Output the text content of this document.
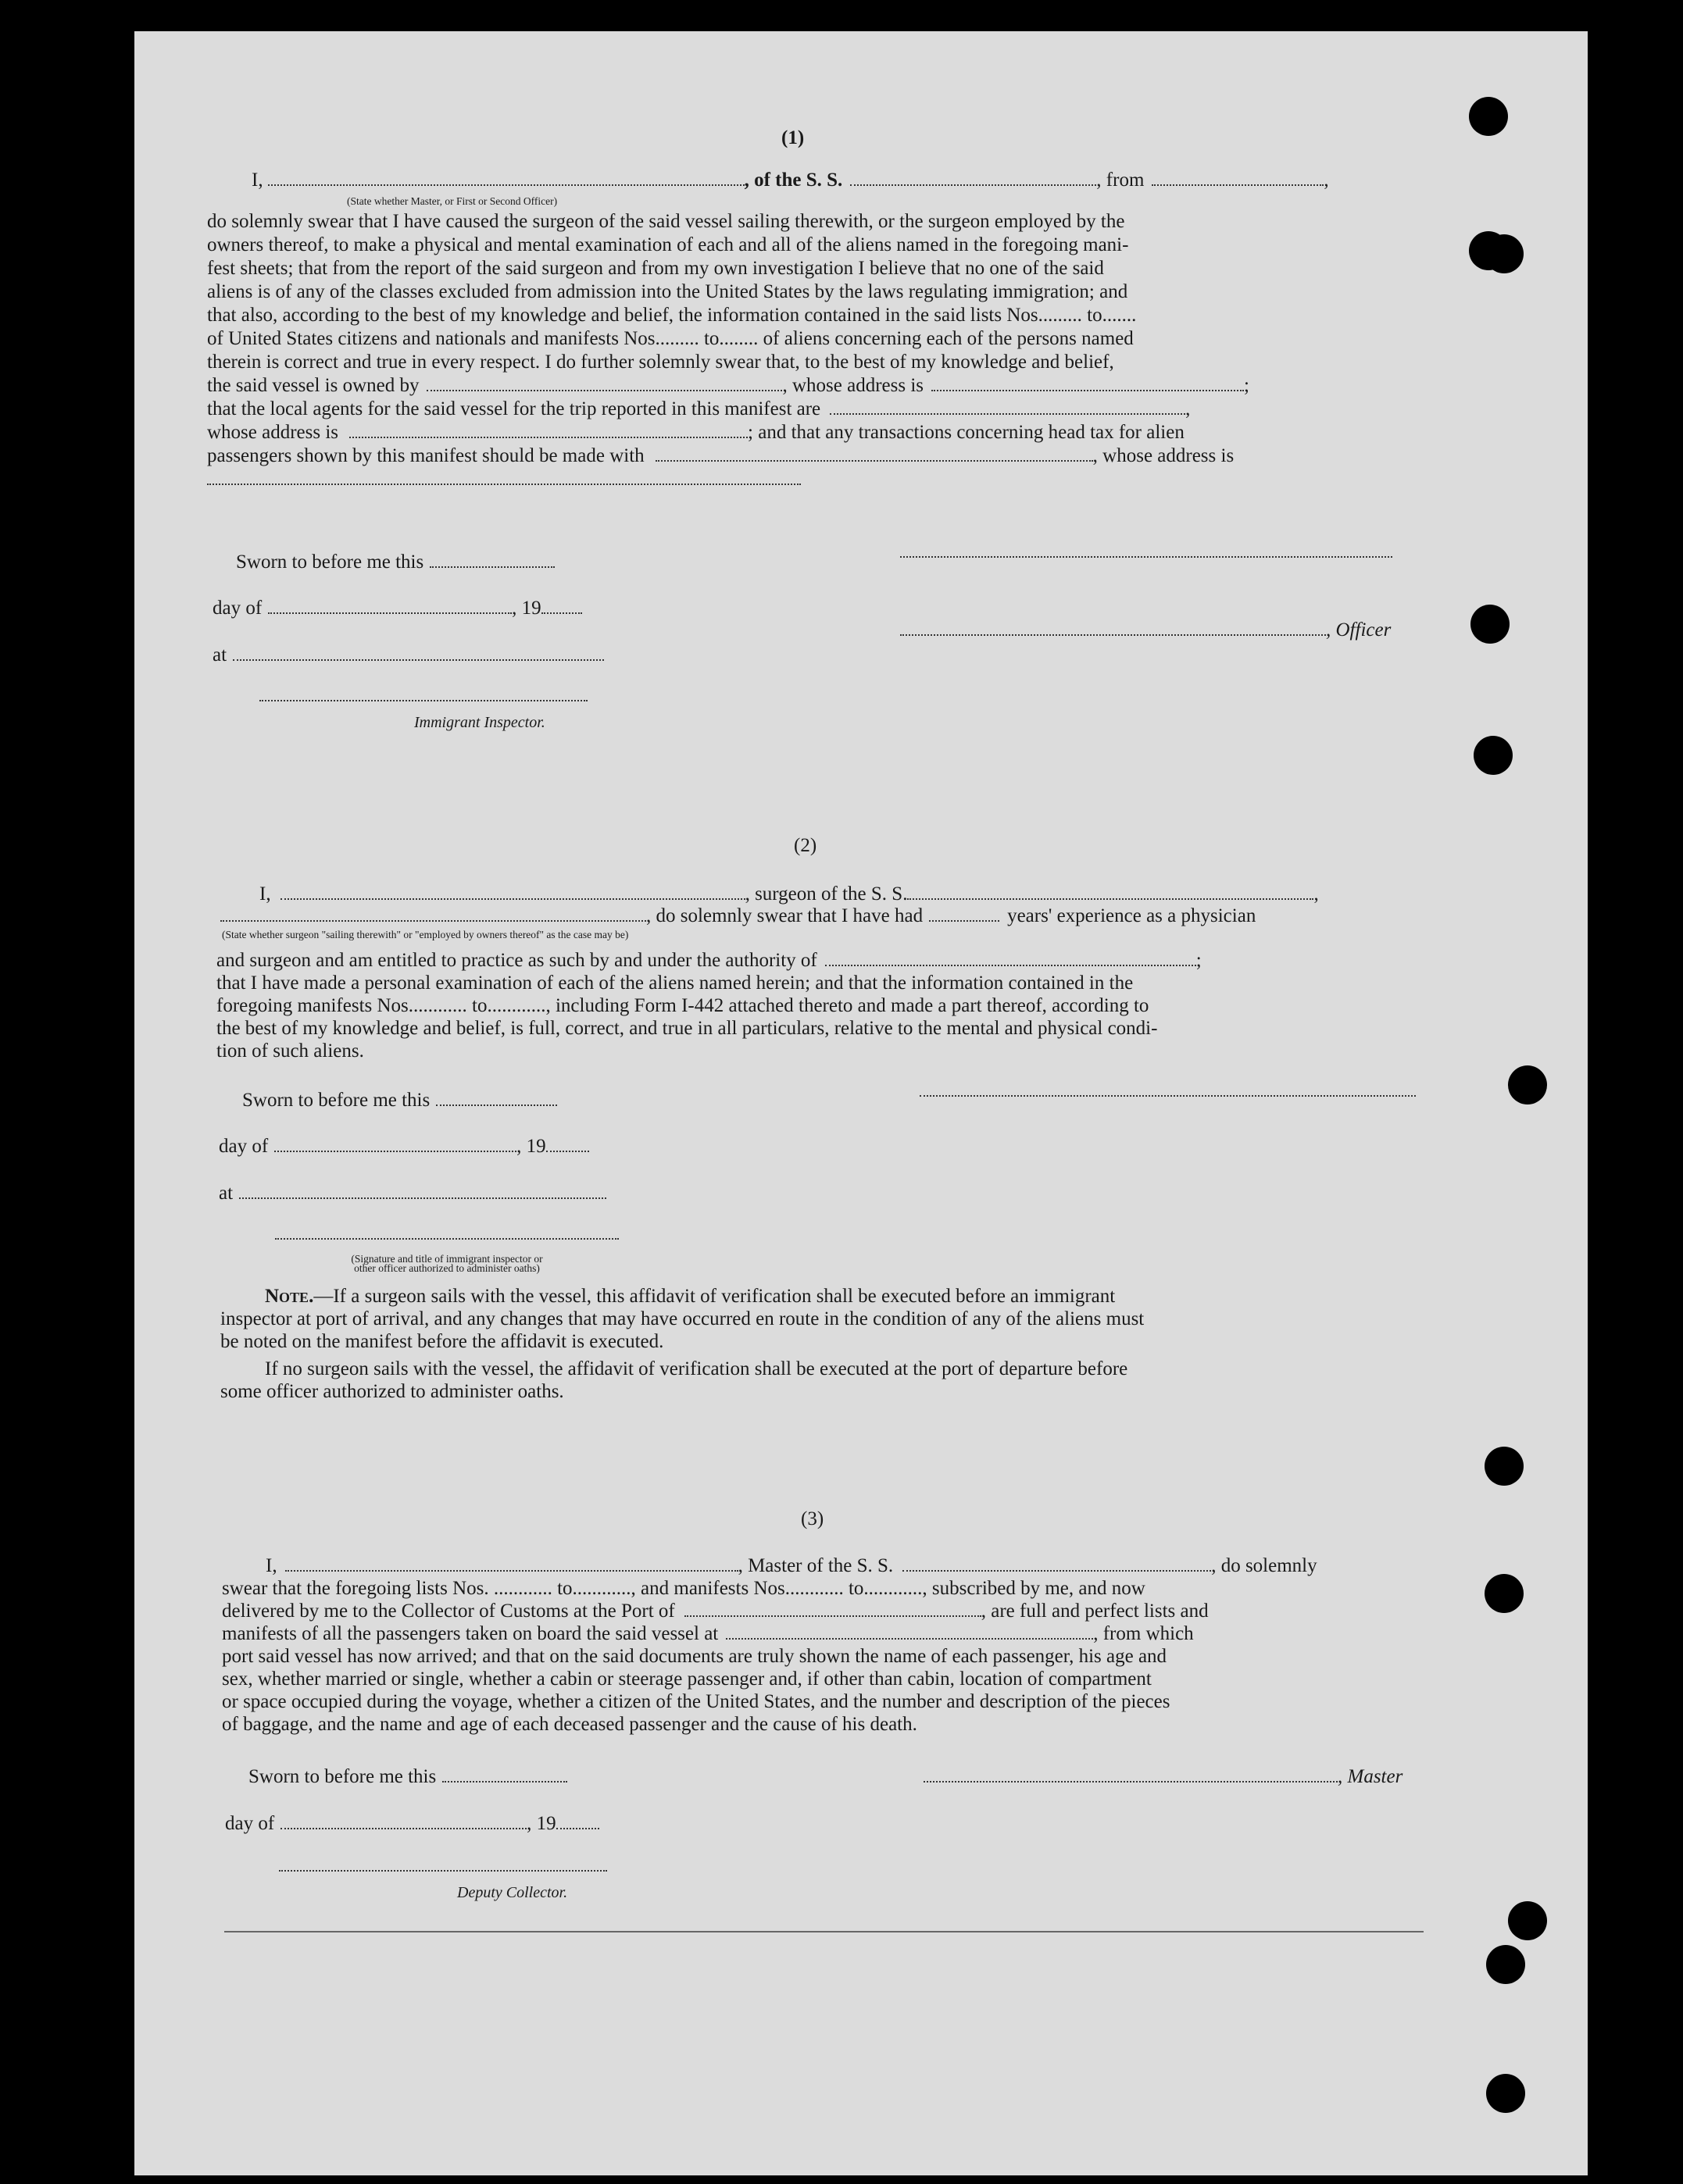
(1)
I,	, of the S. S.	, from	,
(State whether Master, or First or Second Officer)
do solemnly swear that I have caused the surgeon of the said vessel sailing therewith, or the surgeon employed by the
owners thereof, to make a physical and mental examination of each and all of the aliens named in the foregoing mani-
fest sheets; that from the report of the said surgeon and from my own investigation I believe that no one of the said
aliens is of any of the classes excluded from admission into the United States by the laws regulating immigration; and
that also, according to the best of my knowledge and belief, the information contained in the said lists Nos......... to.......
of United States citizens and nationals and manifests Nos......... to........ of aliens concerning each of the persons named
therein is correct and true in every respect. I do further solemnly swear that, to the best of my knowledge and belief,
the said vessel is owned by	, whose address is	;
that the local agents for the said vessel for the trip reported in this manifest are	,
whose address is	; and that any transactions concerning head tax for alien
passengers shown by this manifest should be made with	, whose address is
Sworn to before me this
day of	, 19
, Officer
at
Immigrant Inspector.
(2)
I,	, surgeon of the S. S.	,
, do solemnly swear that I have had	years' experience as a physician
(State whether surgeon "sailing therewith" or "employed by owners thereof" as the case may be)
and surgeon and am entitled to practice as such by and under the authority of	;
that I have made a personal examination of each of the aliens named herein; and that the information contained in the
foregoing manifests Nos............ to............, including Form I-442 attached thereto and made a part thereof, according to
the best of my knowledge and belief, is full, correct, and true in all particulars, relative to the mental and physical condi-
tion of such aliens.
Sworn to before me this
day of	, 19
at
(Signature and title of immigrant inspector or
other officer authorized to administer oaths)
Note.—If a surgeon sails with the vessel, this affidavit of verification shall be executed before an immigrant
inspector at port of arrival, and any changes that may have occurred en route in the condition of any of the aliens must
be noted on the manifest before the affidavit is executed.
If no surgeon sails with the vessel, the affidavit of verification shall be executed at the port of departure before
some officer authorized to administer oaths.
(3)
I,	, Master of the S. S.	, do solemnly
swear that the foregoing lists Nos. ............ to............, and manifests Nos............ to............, subscribed by me, and now
delivered by me to the Collector of Customs at the Port of	, are full and perfect lists and
manifests of all the passengers taken on board the said vessel at	, from which
port said vessel has now arrived; and that on the said documents are truly shown the name of each passenger, his age and
sex, whether married or single, whether a cabin or steerage passenger and, if other than cabin, location of compartment
or space occupied during the voyage, whether a citizen of the United States, and the number and description of the pieces
of baggage, and the name and age of each deceased passenger and the cause of his death.
Sworn to before me this	, Master
day of	, 19
Deputy Collector.
